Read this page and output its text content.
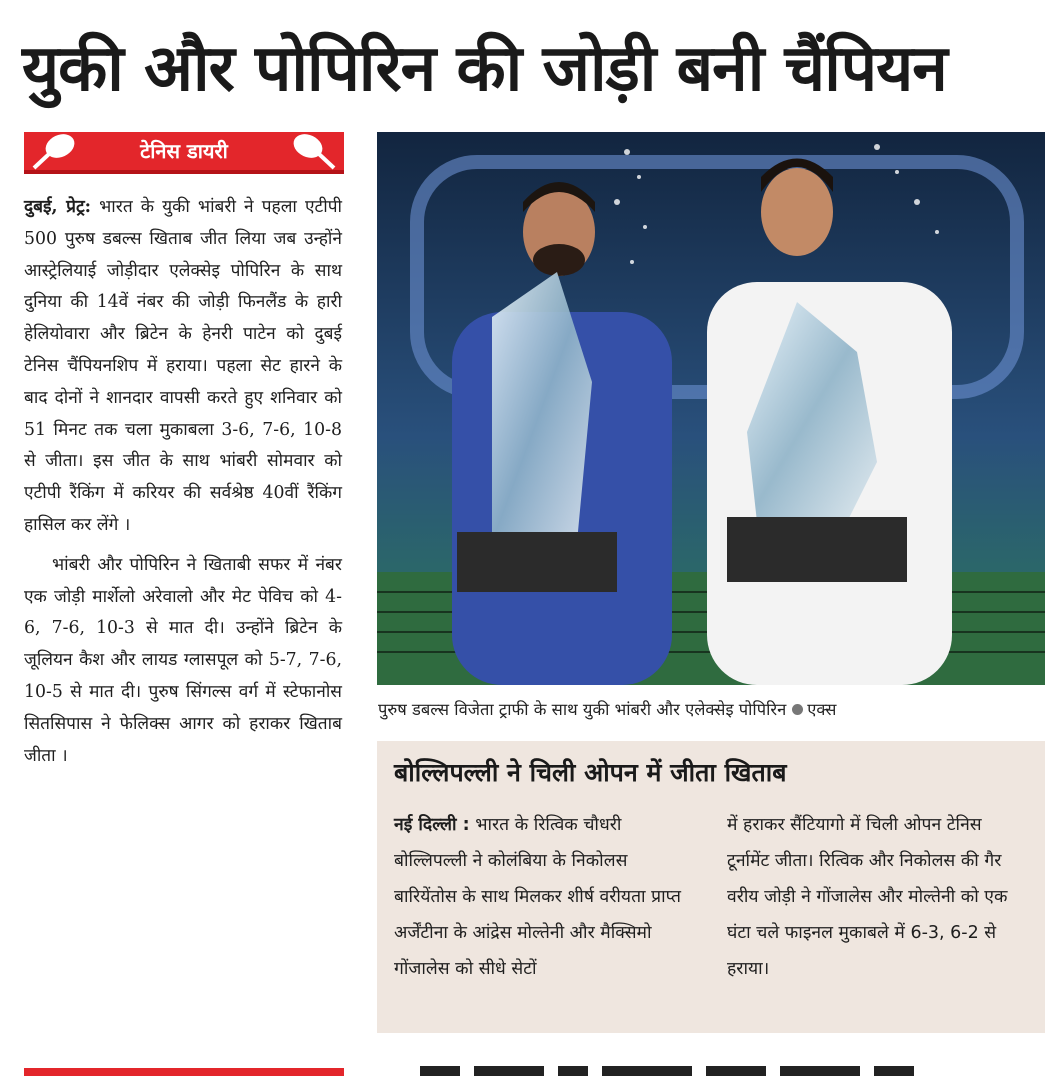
युकी और पोपिरिन की जोड़ी बनी चैंपियन
टेनिस डायरी

दुबई, प्रेट्र: भारत के युकी भांबरी ने पहला एटीपी 500 पुरुष डबल्स खिताब जीत लिया जब उन्होंने आस्ट्रेलियाई जोड़ीदार एलेक्सेइ पोपिरिन के साथ दुनिया की 14वें नंबर की जोड़ी फिनलैंड के हारी हेलियोवारा और ब्रिटेन के हेनरी पाटेन को दुबई टेनिस चैंपियनशिप में हराया। पहला सेट हारने के बाद दोनों ने शानदार वापसी करते हुए शनिवार को 51 मिनट तक चला मुकाबला 3-6, 7-6, 10-8 से जीता। इस जीत के साथ भांबरी सोमवार को एटीपी रैंकिंग में करियर की सर्वश्रेष्ठ 40वीं रैंकिंग हासिल कर लेंगे ।

भांबरी और पोपिरिन ने खिताबी सफर में नंबर एक जोड़ी मार्शेलो अरेवालो और मेट पेविच को 4-6, 7-6, 10-3 से मात दी। उन्होंने ब्रिटेन के जूलियन कैश और लायड ग्लासपूल को 5-7, 7-6, 10-5 से मात दी। पुरुष सिंगल्स वर्ग में स्टेफानोस सितसिपास ने फेलिक्स आगर को हराकर खिताब जीता ।

पुरुष डबल्स विजेता ट्राफी के साथ युकी भांबरी और एलेक्सेइ पोपिरिन एक्स
बोल्लिपल्ली ने चिली ओपन में जीता खिताब

नई दिल्ली : भारत के रित्विक चौधरी बोल्लिपल्ली ने कोलंबिया के निकोलस बारियेंतोस के साथ मिलकर शीर्ष वरीयता प्राप्त अर्जेंटीना के आंद्रेस मोल्तेनी और मैक्सिमो गोंजालेस को सीधे सेटों

में हराकर सैंटियागो में चिली ओपन टेनिस टूर्नामेंट जीता। रित्विक और निकोलस की गैर वरीय जोड़ी ने गोंजालेस और मोल्तेनी को एक घंटा चले फाइनल मुकाबले में 6-3, 6-2 से हराया।
